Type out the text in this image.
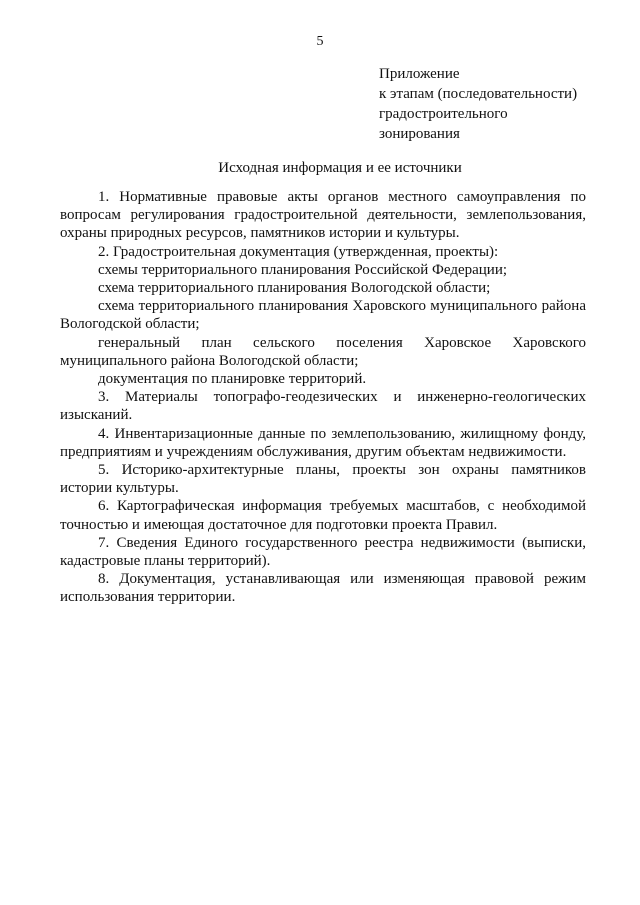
5
Приложение
к этапам (последовательности)
градостроительного
зонирования
Исходная информация и ее источники

1. Нормативные правовые акты органов местного самоуправления по вопросам регулирования градостроительной деятельности, землепользования, охраны природных ресурсов, памятников истории и культуры.

2. Градостроительная документация (утвержденная, проекты):

схемы территориального планирования Российской Федерации;

схема территориального планирования Вологодской области;

схема территориального планирования Харовского муниципального района Вологодской области;

генеральный план сельского поселения Харовское Харовского муниципального района Вологодской области;

документация по планировке территорий.

3. Материалы топографо-геодезических и инженерно-геологических изысканий.

4. Инвентаризационные данные по землепользованию, жилищному фонду, предприятиям и учреждениям обслуживания, другим объектам недвижимости.

5. Историко-архитектурные планы, проекты зон охраны памятников истории культуры.

6. Картографическая информация требуемых масштабов, с необходимой точностью и имеющая достаточное для подготовки проекта Правил.

7. Сведения Единого государственного реестра недвижимости (выписки, кадастровые планы территорий).

8. Документация, устанавливающая или изменяющая правовой режим использования территории.
